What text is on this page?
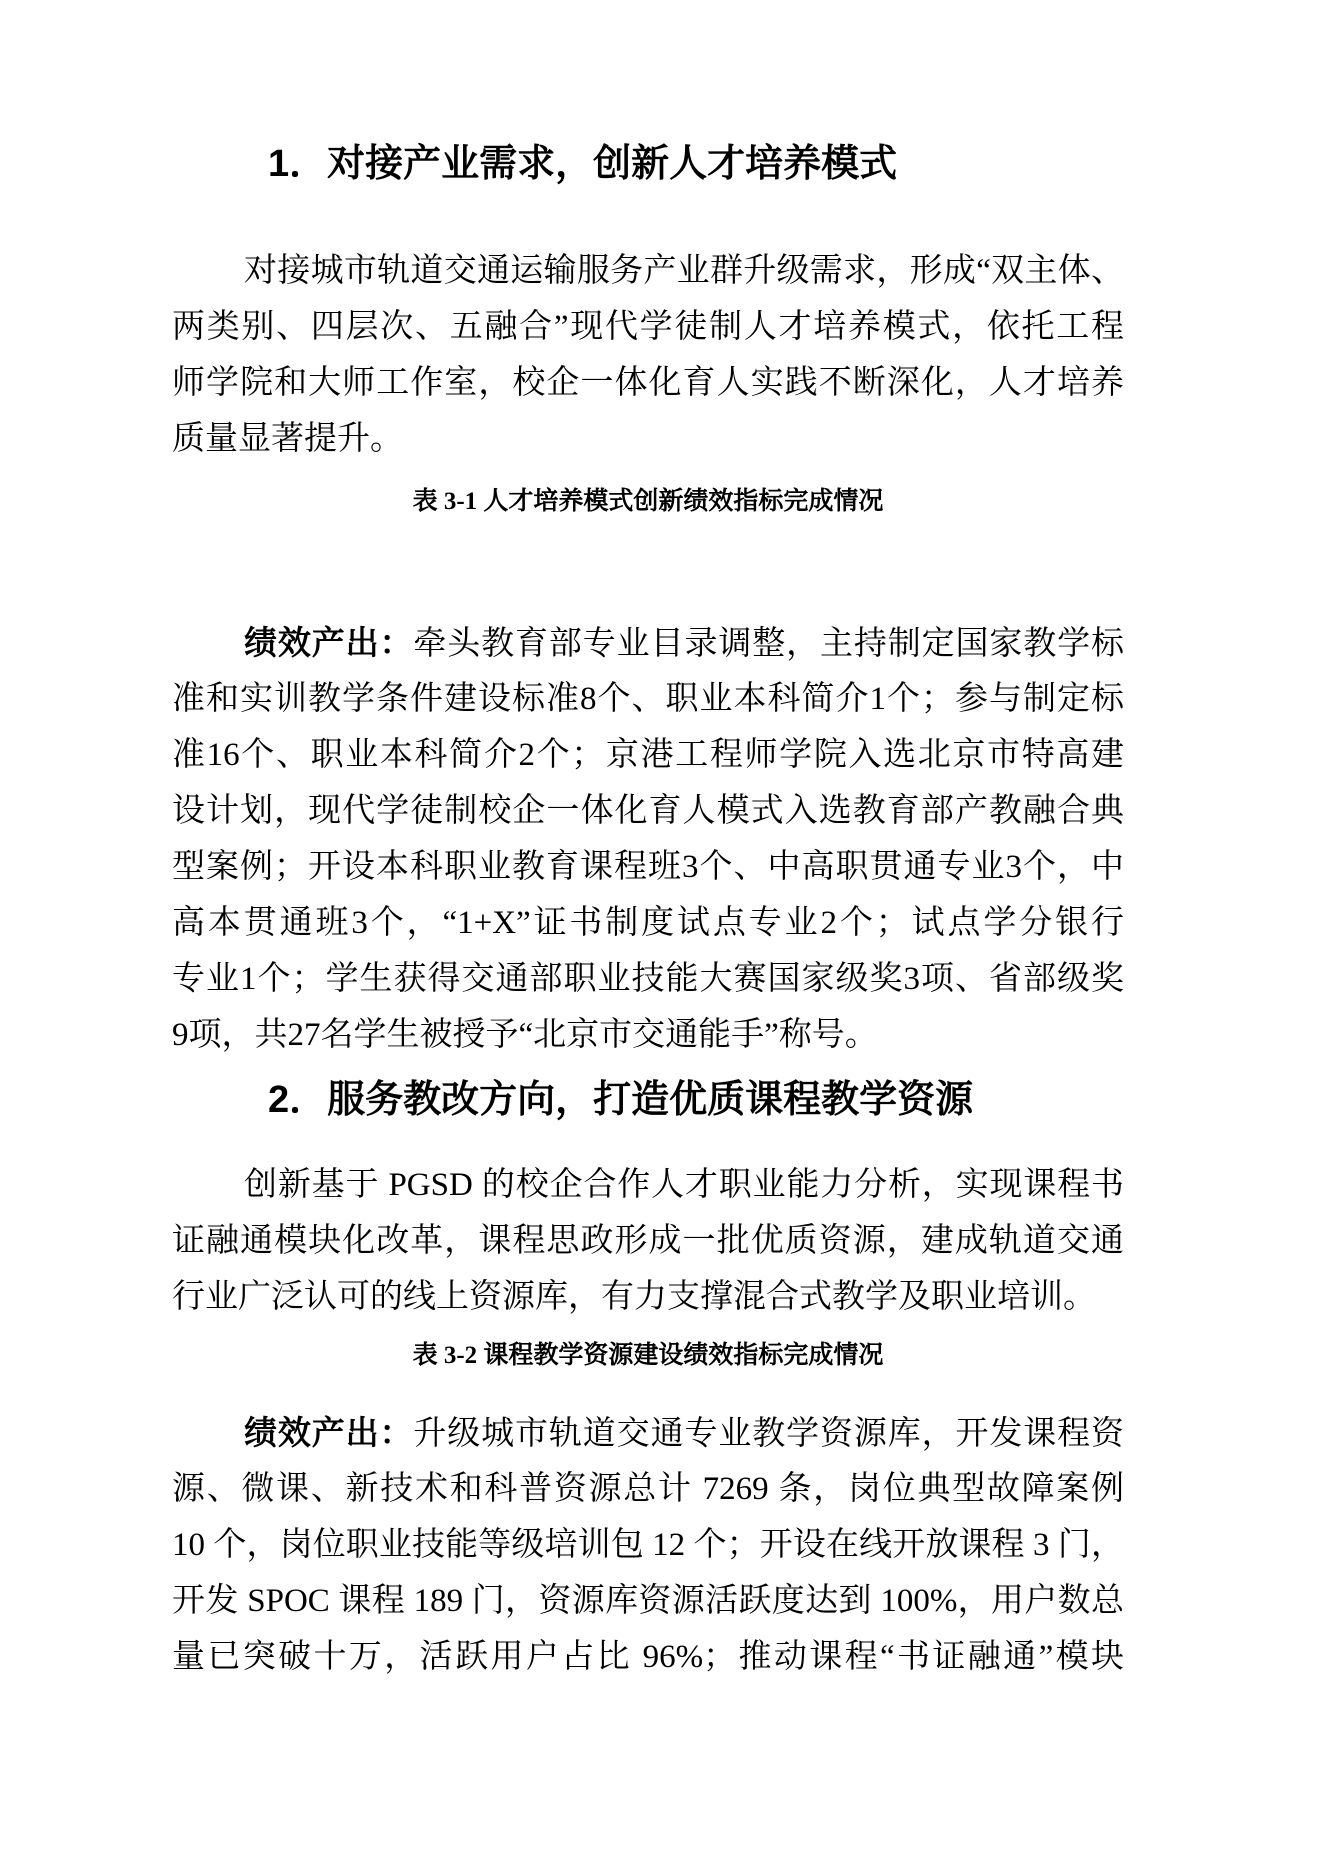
1．对接产业需求，创新人才培养模式
对接城市轨道交通运输服务产业群升级需求，形成“双主体、
两类别、四层次、五融合”现代学徒制人才培养模式，依托工程
师学院和大师工作室，校企一体化育人实践不断深化，人才培养
质量显著提升。
表 3-1 人才培养模式创新绩效指标完成情况
绩效产出：牵头教育部专业目录调整，主持制定国家教学标
准和实训教学条件建设标准8个、职业本科简介1个；参与制定标
准16个、职业本科简介2个；京港工程师学院入选北京市特高建
设计划，现代学徒制校企一体化育人模式入选教育部产教融合典
型案例；开设本科职业教育课程班3个、中高职贯通专业3个，中
高本贯通班3个，“1+X”证书制度试点专业2个；试点学分银行
专业1个；学生获得交通部职业技能大赛国家级奖3项、省部级奖
9项，共27名学生被授予“北京市交通能手”称号。
2．服务教改方向，打造优质课程教学资源
创新基于 PGSD 的校企合作人才职业能力分析，实现课程书
证融通模块化改革，课程思政形成一批优质资源，建成轨道交通
行业广泛认可的线上资源库，有力支撑混合式教学及职业培训。
表 3-2 课程教学资源建设绩效指标完成情况
绩效产出：升级城市轨道交通专业教学资源库，开发课程资
源、微课、新技术和科普资源总计 7269 条，岗位典型故障案例
10 个，岗位职业技能等级培训包 12 个；开设在线开放课程 3 门，
开发 SPOC 课程 189 门，资源库资源活跃度达到 100%，用户数总
量已突破十万，活跃用户占比 96%；推动课程“书证融通”模块
